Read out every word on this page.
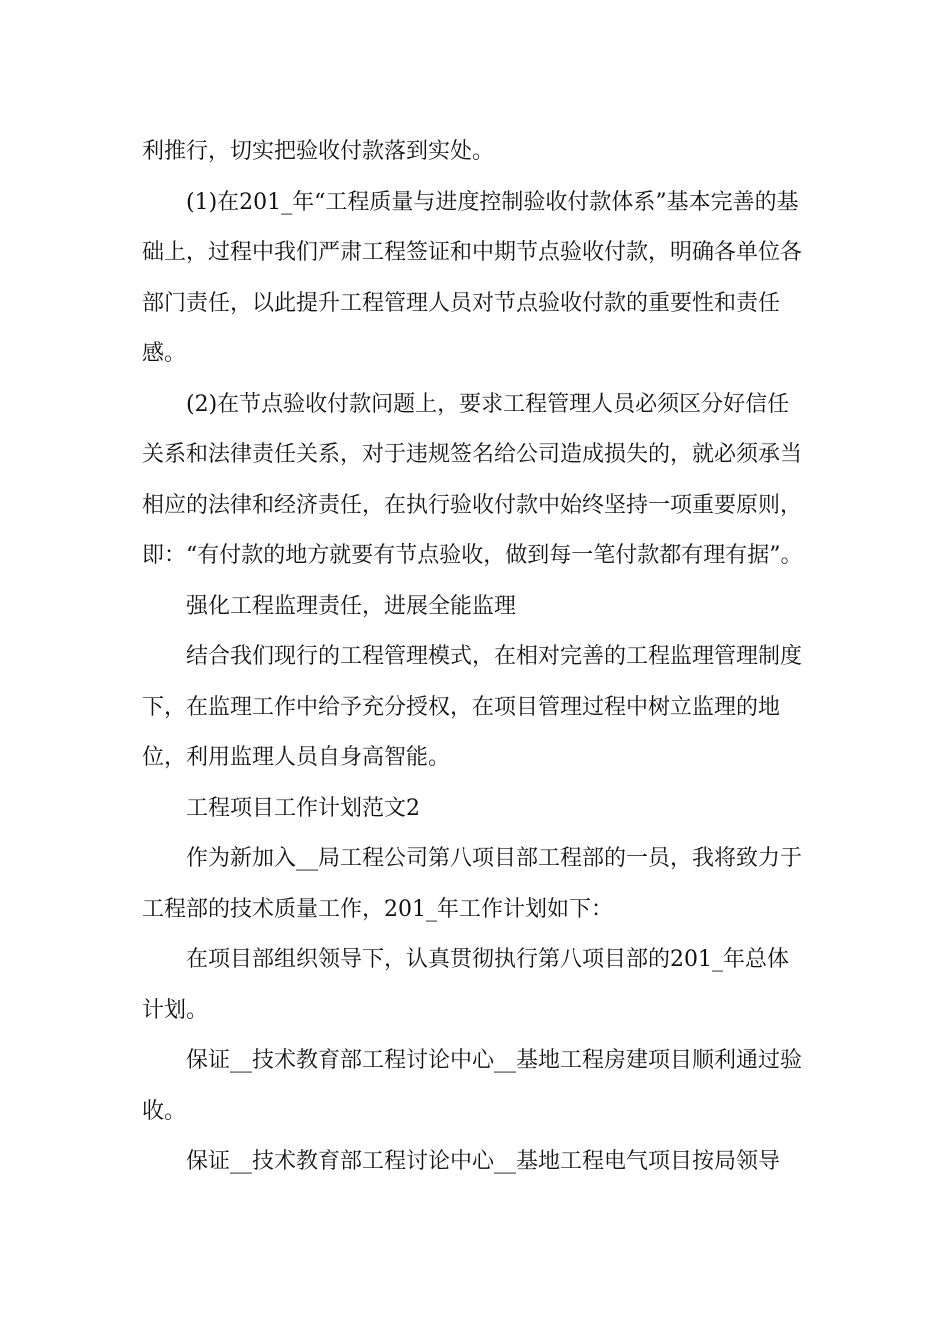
利推行，切实把验收付款落到实处。

(1)在201_年“工程质量与进度控制验收付款体系”基本完善的基础上，过程中我们严肃工程签证和中期节点验收付款，明确各单位各部门责任，以此提升工程管理人员对节点验收付款的重要性和责任感。

(2)在节点验收付款问题上，要求工程管理人员必须区分好信任关系和法律责任关系，对于违规签名给公司造成损失的，就必须承当相应的法律和经济责任，在执行验收付款中始终坚持一项重要原则，即：“有付款的地方就要有节点验收，做到每一笔付款都有理有据”。

强化工程监理责任，进展全能监理

结合我们现行的工程管理模式，在相对完善的工程监理管理制度下，在监理工作中给予充分授权，在项目管理过程中树立监理的地位，利用监理人员自身高智能。

工程项目工作计划范文2

作为新加入__局工程公司第八项目部工程部的一员，我将致力于工程部的技术质量工作，201_年工作计划如下：

在项目部组织领导下，认真贯彻执行第八项目部的201_年总体计划。

保证__技术教育部工程讨论中心__基地工程房建项目顺利通过验收。

保证__技术教育部工程讨论中心__基地工程电气项目按局领导
